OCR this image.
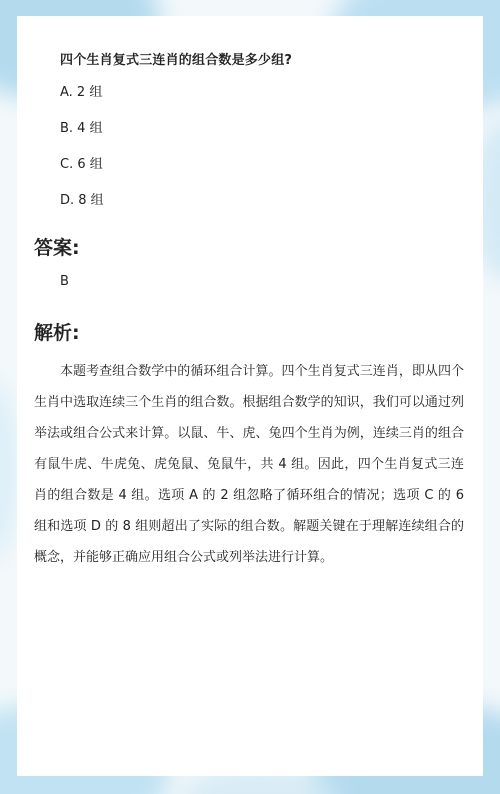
四个生肖复式三连肖的组合数是多少组?
A. 2 组
B. 4 组
C. 6 组
D. 8 组
答案:
B
解析:

本题考查组合数学中的循环组合计算。四个生肖复式三连肖，即从四个生肖中选取连续三个生肖的组合数。根据组合数学的知识，我们可以通过列举法或组合公式来计算。以鼠、牛、虎、兔四个生肖为例，连续三肖的组合有鼠牛虎、牛虎兔、虎兔鼠、兔鼠牛，共 4 组。因此，四个生肖复式三连肖的组合数是 4 组。选项 A 的 2 组忽略了循环组合的情况；选项 C 的 6 组和选项 D 的 8 组则超出了实际的组合数。解题关键在于理解连续组合的概念，并能够正确应用组合公式或列举法进行计算。
